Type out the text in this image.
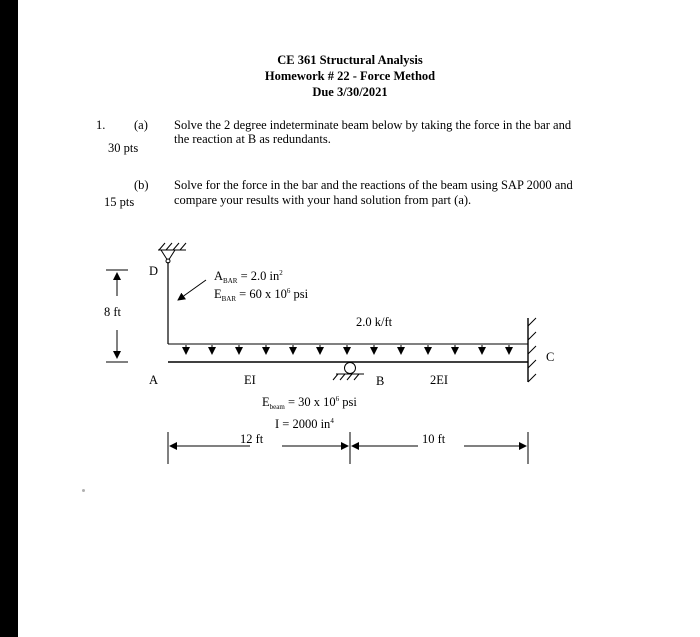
CE 361 Structural Analysis
Homework # 22 - Force Method
Due 3/30/2021
1. (a) Solve the 2 degree indeterminate beam below by taking the force in the bar and
the reaction at B as redundants.
30 pts
(b) Solve for the force in the bar and the reactions of the beam using SAP 2000 and
compare your results with your hand solution from part (a).
15 pts
D	$A_{BAR} = 2.0$ $in^2$
$E_{BAR} = 60$ x $10^6$ psi
8 ft
2.0 k/ft
A	EI	2EI
C
B
$E_{beam} = 30$ x $10^6$ psi
I = 2000 $in^4$
12 ft	10 ft
